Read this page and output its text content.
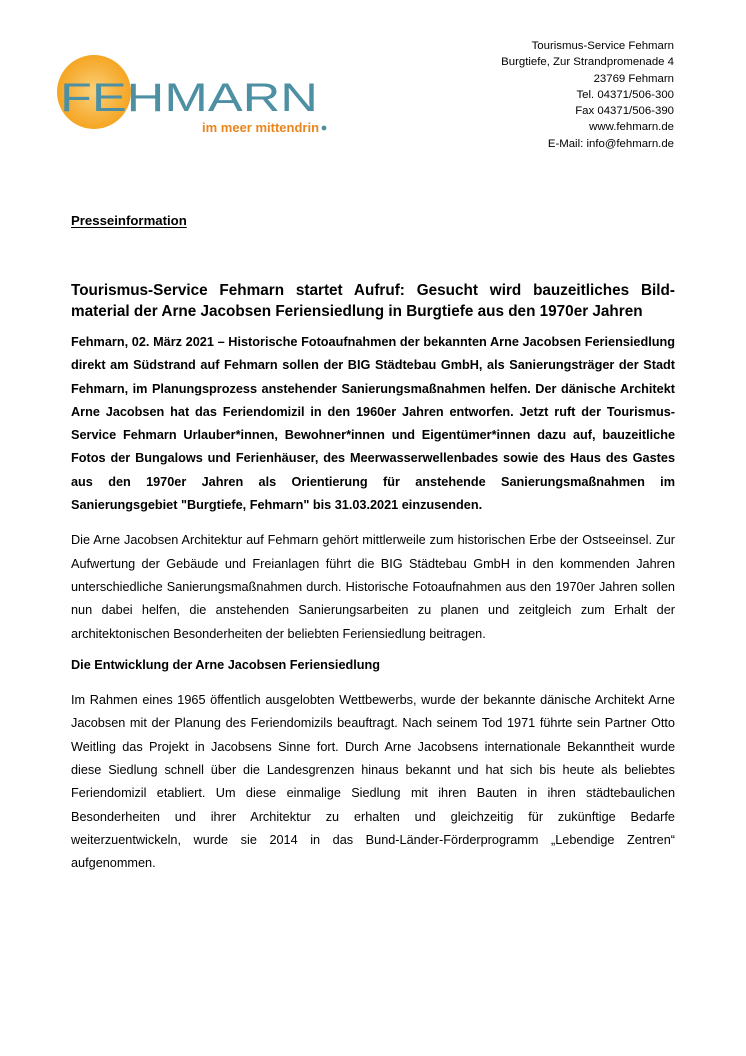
FEHMARN
im meer mittendrin
Tourismus-Service Fehmarn
Burgtiefe, Zur Strandpromenade 4
23769 Fehmarn
Tel. 04371/506-300
Fax 04371/506-390
www.fehmarn.de
E-Mail: info@fehmarn.de
Presseinformation

Tourismus-Service Fehmarn startet Aufruf: Gesucht wird bauzeitliches Bildmaterial der Arne Jacobsen Feriensiedlung in Burgtiefe aus den 1970er Jahren

Fehmarn, 02. März 2021 – Historische Fotoaufnahmen der bekannten Arne Jacobsen Feriensiedlung direkt am Südstrand auf Fehmarn sollen der BIG Städtebau GmbH, als Sanierungsträger der Stadt Fehmarn, im Planungsprozess anstehender Sanierungsmaßnahmen helfen. Der dänische Architekt Arne Jacobsen hat das Feriendomizil in den 1960er Jahren entworfen. Jetzt ruft der Tourismus-Service Fehmarn Urlauber*innen, Bewohner*innen und Eigentümer*innen dazu auf, bauzeitliche Fotos der Bungalows und Ferienhäuser, des Meerwasserwellenbades sowie des Haus des Gastes aus den 1970er Jahren als Orientierung für anstehende Sanierungsmaßnahmen im Sanierungsgebiet "Burgtiefe, Fehmarn" bis 31.03.2021 einzusenden.

Die Arne Jacobsen Architektur auf Fehmarn gehört mittlerweile zum historischen Erbe der Ostseeinsel. Zur Aufwertung der Gebäude und Freianlagen führt die BIG Städtebau GmbH in den kommenden Jahren unterschiedliche Sanierungsmaßnahmen durch. Historische Fotoaufnahmen aus den 1970er Jahren sollen nun dabei helfen, die anstehenden Sanierungsarbeiten zu planen und zeitgleich zum Erhalt der architektonischen Besonderheiten der beliebten Feriensiedlung beitragen.

Die Entwicklung der Arne Jacobsen Feriensiedlung

Im Rahmen eines 1965 öffentlich ausgelobten Wettbewerbs, wurde der bekannte dänische Architekt Arne Jacobsen mit der Planung des Feriendomizils beauftragt. Nach seinem Tod 1971 führte sein Partner Otto Weitling das Projekt in Jacobsens Sinne fort. Durch Arne Jacobsens internationale Bekanntheit wurde diese Siedlung schnell über die Landesgrenzen hinaus bekannt und hat sich bis heute als beliebtes Feriendomizil etabliert. Um diese einmalige Siedlung mit ihren Bauten in ihren städtebaulichen Besonderheiten und ihrer Architektur zu erhalten und gleichzeitig für zukünftige Bedarfe weiterzuentwickeln, wurde sie 2014 in das Bund-Länder-Förderprogramm „Lebendige Zentren“ aufgenommen.
